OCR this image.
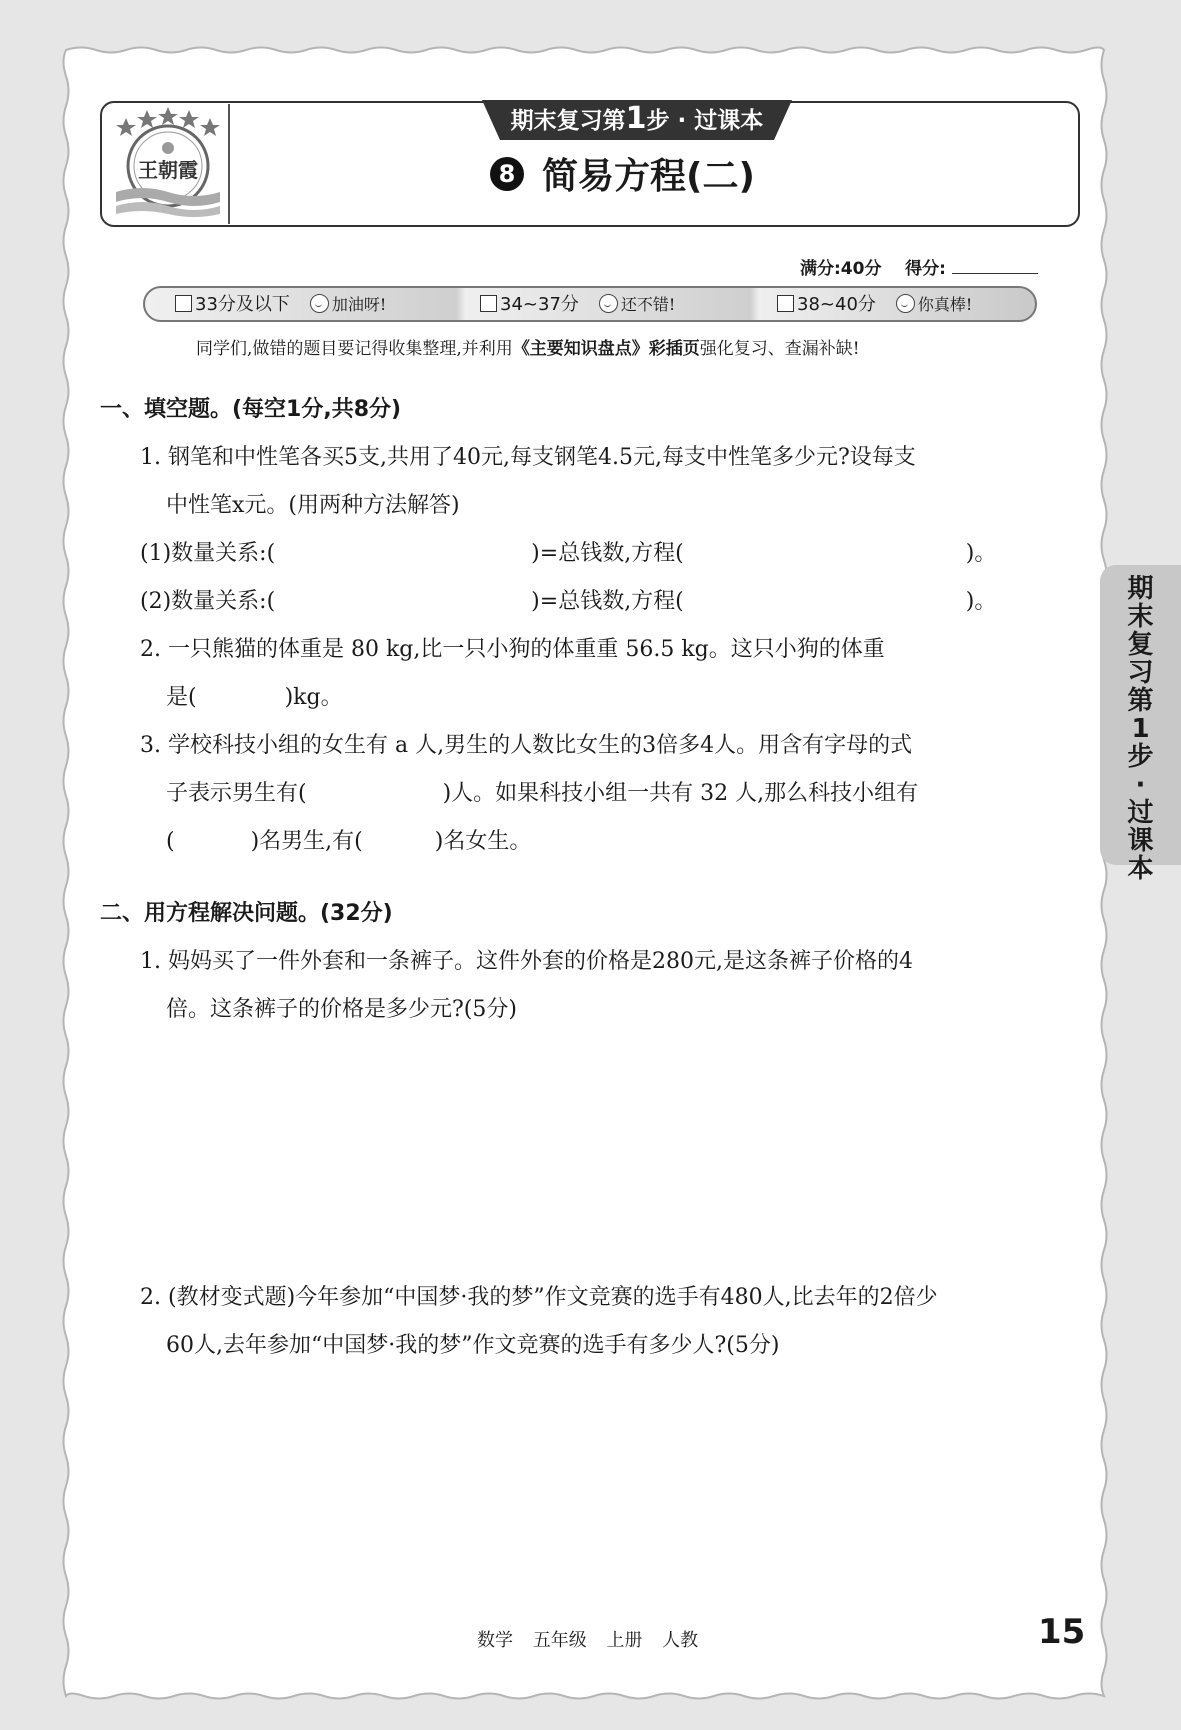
王朝霞
期末复习第1步 · 过课本
8 简易方程(二)
满分:40分 得分:
33分及以下	加油呀!	34~37分	还不错!	38~40分	你真棒!
同学们,做错的题目要记得收集整理,并利用《主要知识盘点》彩插页强化复习、查漏补缺!
一、填空题。(每空1分,共8分)
1. 钢笔和中性笔各买5支,共用了40元,每支钢笔4.5元,每支中性笔多少元?设每支
中性笔x元。(用两种方法解答)
(1)数量关系:(	)=总钱数,方程(	)。
(2)数量关系:(	)=总钱数,方程(	)。
2. 一只熊猫的体重是 80 kg,比一只小狗的体重重 56.5 kg。这只小狗的体重
是(	)kg。
3. 学校科技小组的女生有 a 人,男生的人数比女生的3倍多4人。用含有字母的式
子表示男生有(	)人。如果科技小组一共有 32 人,那么科技小组有
(	)名男生,有(	)名女生。
二、用方程解决问题。(32分)
1. 妈妈买了一件外套和一条裤子。这件外套的价格是280元,是这条裤子价格的4
倍。这条裤子的价格是多少元?(5分)
2. (教材变式题)今年参加“中国梦·我的梦”作文竞赛的选手有480人,比去年的2倍少
60人,去年参加“中国梦·我的梦”作文竞赛的选手有多少人?(5分)
期
末
复
习
第
1
步
·
过
课
本
数学 五年级 上册 人教	15
